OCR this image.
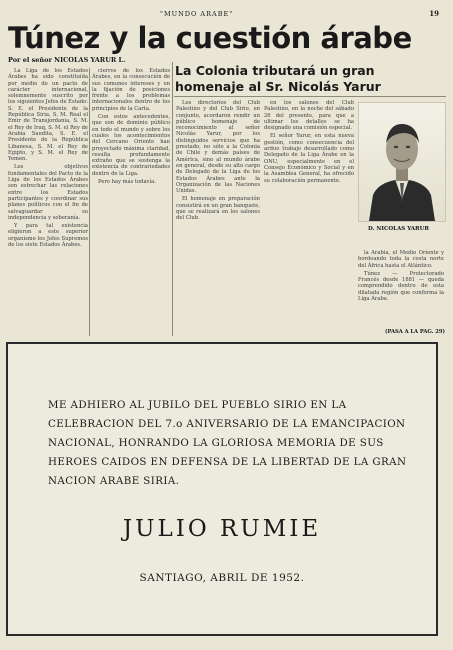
"MUNDO ARABE"	19
Túnez y la cuestión árabe
Por el señor NICOLAS YARUR L.
La Colonia tributará un gran homenaje al Sr. Nicolás Yarur

La Liga de los Estados Árabes ha sido constituída por medio de un pacto de carácter internacional, solemnemente suscrito por los siguientes Jefes de Estado: S. E. el Presidente de la República Siria, S. M. Real el Emir de Transjordania, S. M. el Rey de Iraq, S. M. el Rey de Arabia Saudita, S. E. el Presidente de la República Libanesa, S. M. el Rey de Egipto, y S. M. el Rey de Yemen.

Los objetivos fundamentales del Pacto de la Liga de los Estados Árabes son estrechar las relaciones entre los Estados participantes y coordinar sus planes políticos con el fin de salvaguardar su independencia y soberanía.

Y para tal existencia eligieron a este superior organismo los Jefes Supremos de los siete Estados Árabes.

cierros de los Estados Árabes, en la consecución de sus comunes intereses y en la fijación de posiciones frente a los problemas internacionales dentro de los principios de la Carta.

Con estos antecedentes, que son de dominio público en todo el mundo y sobre los cuales los acontecimientos del Cercano Oriente han proyectado máxima claridad, resulta profundamente extraño que se sostenga la existencia de contrariedades dentro de la Liga.

Pero hay más todavía.

Los directorios del Club Palestino y del Club Sirio, en conjunto, acordaron rendir un público homenaje de reconocimiento al señor Nicolás Yarur, por los distinguidos servicios que ha prestado, no sólo a la Colonia de Chile y demás países de América, sino al mundo árabe en general, desde su alto cargo de Delegado de la Liga de los Estados Árabes ante la Organización de las Naciones Unidas.

El homenaje en preparación consistirá en un gran banquete, que se realizará en los salones del Club.

en los salones del Club Palestino, en la noche del sábado 26 del presente, para que a ultimar los detalles se ha designado una comisión especial.

El señor Yarur, en esta nueva gestión, como consecuencia del arduo trabajo desarrollado como Delegado de la Liga Árabe en la ONU, especialmente en el Consejo Económico y Social y en la Asamblea General, ha ofrecido su colaboración permanente.

la Arabia, el Medio Oriente y bordeando toda la costa norte del África hasta el Atlántico.

Túnez — Protectorado Francés desde 1881 — queda comprendido dentro de esta dilatada región que conforma la Liga Árabe.

D. NICOLAS YARUR
(PASA A LA PAG. 29)
ME ADHIERO AL JUBILO DEL PUEBLO SIRIO EN LA CELEBRACION DEL 7.o ANIVERSARIO DE LA EMANCIPACION NACIONAL, HONRANDO LA GLORIOSA MEMORIA DE SUS HEROES CAIDOS EN DEFENSA DE LA LIBERTAD DE LA GRAN NACION ARABE SIRIA.
JULIO RUMIE
SANTIAGO, ABRIL DE 1952.
